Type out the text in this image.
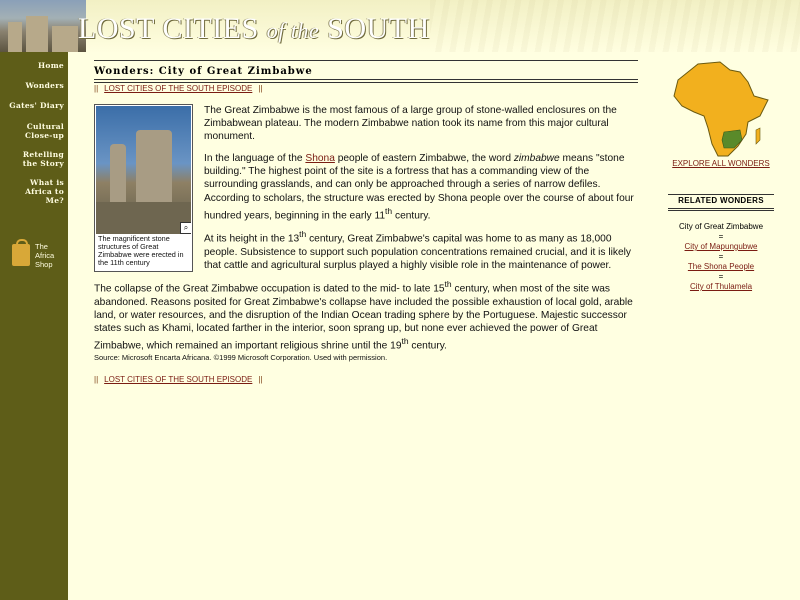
LOST CITIES of the SOUTH
Home
Wonders
Gates' Diary
Cultural Close-up
Retelling the Story
What is Africa to Me?
The Africa Shop
Wonders: City of Great Zimbabwe
|| LOST CITIES OF THE SOUTH EPISODE ||
⌕
The magnificent stone structures of Great Zimbabwe were erected in the 11th century
The Great Zimbabwe is the most famous of a large group of stone-walled enclosures on the Zimbabwean plateau. The modern Zimbabwe nation took its name from this major cultural monument.
In the language of the Shona people of eastern Zimbabwe, the word zimbabwe means "stone building." The highest point of the site is a fortress that has a commanding view of the surrounding grasslands, and can only be approached through a series of narrow defiles. According to scholars, the structure was erected by Shona people over the course of about four hundred years, beginning in the early 11th century.
At its height in the 13th century, Great Zimbabwe's capital was home to as many as 18,000 people. Subsistence to support such population concentrations remained crucial, and it is likely that cattle and agricultural surplus played a highly visible role in the maintenance of power.
The collapse of the Great Zimbabwe occupation is dated to the mid- to late 15th century, when most of the site was abandoned. Reasons posited for Great Zimbabwe's collapse have included the possible exhaustion of local gold, arable land, or water resources, and the disruption of the Indian Ocean trading sphere by the Portuguese. Majestic successor states such as Khami, located farther in the interior, soon sprang up, but none ever achieved the power of Great Zimbabwe, which remained an important religious shrine until the 19th century.
Source: Microsoft Encarta Africana. ©1999 Microsoft Corporation. Used with permission.
|| LOST CITIES OF THE SOUTH EPISODE ||
EXPLORE ALL WONDERS
RELATED WONDERS
City of Great Zimbabwe
=
City of Mapungubwe
=
The Shona People
=
City of Thulamela
